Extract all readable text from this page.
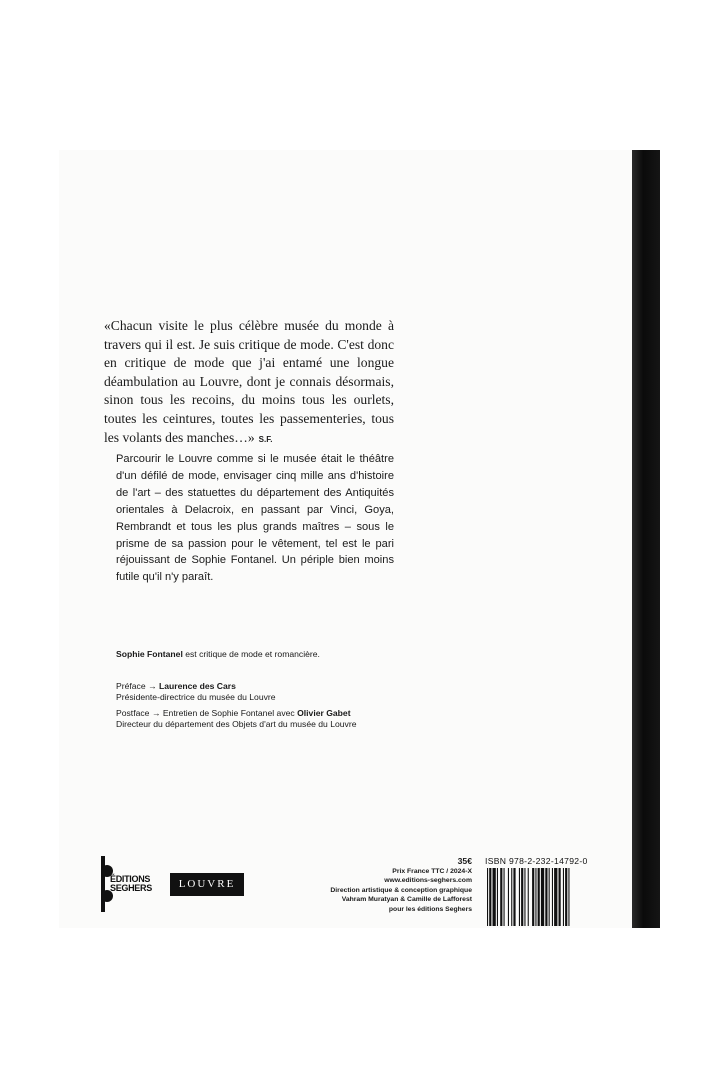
«Chacun visite le plus célèbre musée du monde à travers qui il est. Je suis critique de mode. C'est donc en critique de mode que j'ai entamé une longue déambulation au Louvre, dont je connais désormais, sinon tous les recoins, du moins tous les ourlets, toutes les ceintures, toutes les passementeries, tous les volants des manches…» S.F.
Parcourir le Louvre comme si le musée était le théâtre d'un défilé de mode, envisager cinq mille ans d'histoire de l'art – des statuettes du département des Antiquités orientales à Delacroix, en passant par Vinci, Goya, Rembrandt et tous les plus grands maîtres – sous le prisme de sa passion pour le vêtement, tel est le pari réjouissant de Sophie Fontanel. Un périple bien moins futile qu'il n'y paraît.
Sophie Fontanel est critique de mode et romancière.
Préface → Laurence des Cars
Présidente-directrice du musée du Louvre
Postface → Entretien de Sophie Fontanel avec Olivier Gabet
Directeur du département des Objets d'art du musée du Louvre
ÉDITIONS
SEGHERS	LOUVRE
35€
Prix France TTC / 2024-X
www.editions-seghers.com
Direction artistique & conception graphique
Vahram Muratyan & Camille de Lafforest
pour les éditions Seghers
ISBN 978-2-232-14792-0
